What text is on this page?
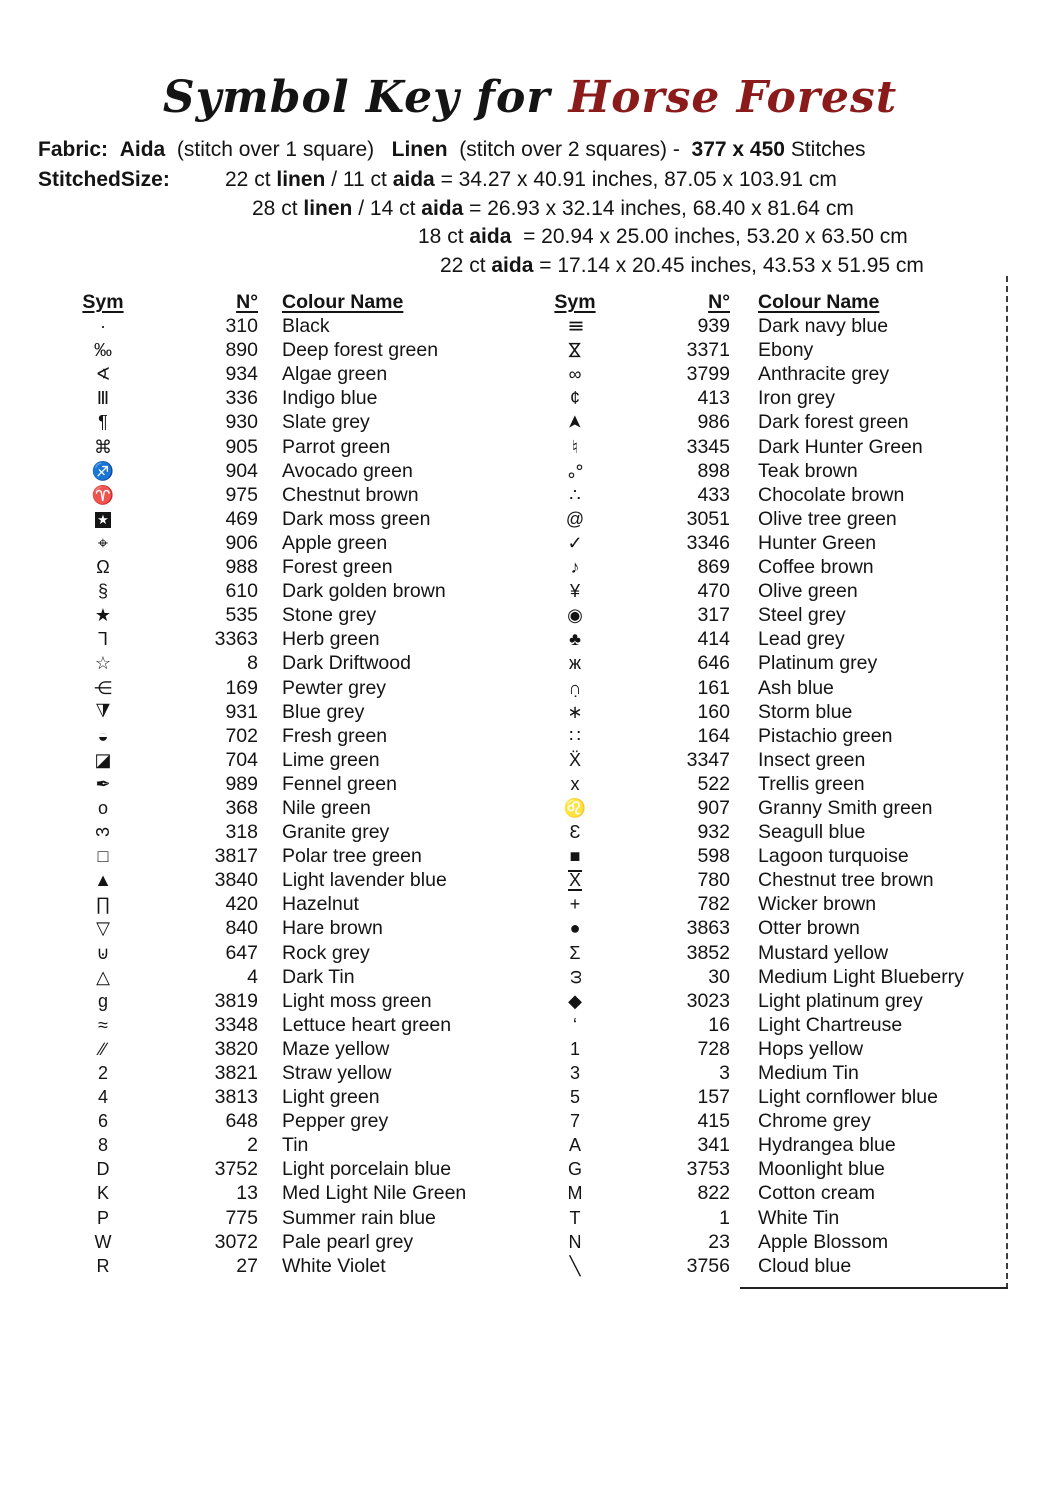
Symbol Key for Horse Forest
Fabric: Aida  (stitch over 1 square)   Linen  (stitch over 2 squares) -  377 x 450 Stitches
StitchedSize:	22 ct linen / 11 ct aida = 34.27 x 40.91 inches, 87.05 x 103.91 cm
28 ct linen / 14 ct aida = 26.93 x 32.14 inches, 68.40 x 81.64 cm
18 ct aida  = 20.94 x 25.00 inches, 53.20 x 63.50 cm
22 ct aida = 17.14 x 20.45 inches, 43.53 x 51.95 cm
Sym	N°	Colour Name
·	310	Black
‰	890	Deep forest green
∢	934	Algae green
Ⅲ	336	Indigo blue
¶	930	Slate grey
⌘	905	Parrot green
♐	904	Avocado green
♈	975	Chestnut brown
★	469	Dark moss green
⌖	906	Apple green
Ω	988	Forest green
§	610	Dark golden brown
★	535	Stone grey
Γ	3363	Herb green
☆	8	Dark Driftwood
⋲	169	Pewter grey
◭	931	Blue grey
◒	702	Fresh green
◪	704	Lime green
✒	989	Fennel green
o	368	Nile green
3	318	Granite grey
□	3817	Polar tree green
▲	3840	Light lavender blue
∏	420	Hazelnut
▽	840	Hare brown
⊍	647	Rock grey
△	4	Dark Tin
g	3819	Light moss green
≈	3348	Lettuce heart green
∕∕	3820	Maze yellow
2	3821	Straw yellow
4	3813	Light green
6	648	Pepper grey
8	2	Tin
D	3752	Light porcelain blue
K	13	Med Light Nile Green
P	775	Summer rain blue
W	3072	Pale pearl grey
R	27	White Violet
Sym	N°	Colour Name
Ⅲ	939	Dark navy blue
⋈	3371	Ebony
∞	3799	Anthracite grey
¢	413	Iron grey
➤	986	Dark forest green
♮	3345	Dark Hunter Green
∘∘	898	Teak brown
∴	433	Chocolate brown
@	3051	Olive tree green
✓	3346	Hunter Green
♪	869	Coffee brown
¥	470	Olive green
◉	317	Steel grey
♣	414	Lead grey
ж	646	Platinum grey
∩̣	161	Ash blue
∗	160	Storm blue
∷	164	Pistachio green
Ẍ	3347	Insect green
x	522	Trellis green
♌	907	Granny Smith green
Ɛ	932	Seagull blue
■	598	Lagoon turquoise
X	780	Chestnut tree brown
+	782	Wicker brown
●	3863	Otter brown
Σ	3852	Mustard yellow
ω	30	Medium Light Blueberry
◆	3023	Light platinum grey
‘	16	Light Chartreuse
1	728	Hops yellow
3	3	Medium Tin
5	157	Light cornflower blue
7	415	Chrome grey
A	341	Hydrangea blue
G	3753	Moonlight blue
M	822	Cotton cream
T	1	White Tin
N	23	Apple Blossom
╲	3756	Cloud blue
